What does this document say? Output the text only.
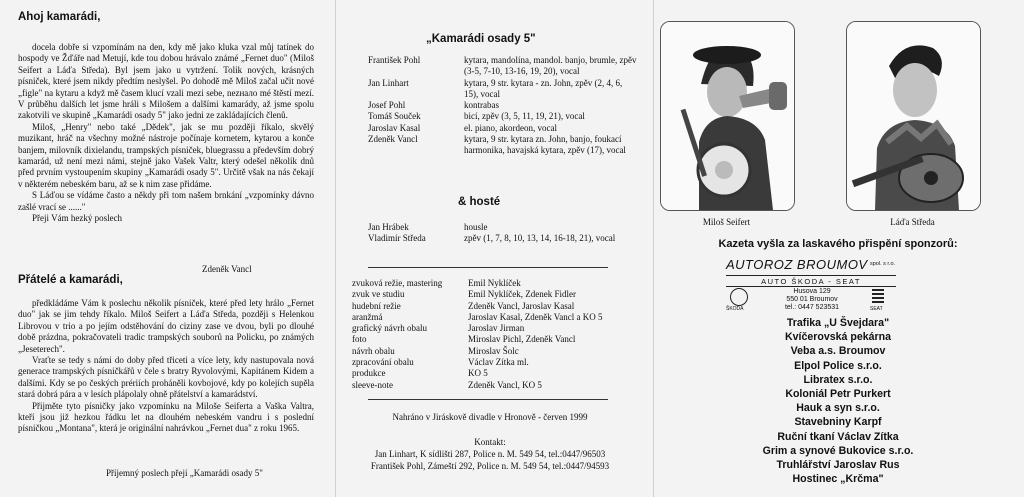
Ahoj kamarádi,

docela dobře si vzpomínám na den, kdy mě jako kluka vzal můj tatínek do hospody ve Žďáře nad Metují, kde tou dobou hrávalo známé „Fernet duo" (Miloš Seifert a Láďa Středa). Byl jsem jako u vytržení. Tolik nových, krásných písniček, které jsem nikdy předtím neslyšel. Po dohodě mě Miloš začal učit nové „figle" na kytaru a když mě časem klucí vzali mezi sebe, nezналo mé štěstí mezí. V průběhu dalších let jsme hráli s Milošem a dalšími kamarády, až jsme spolu zakotvili ve skupině „Kamarádi osady 5" jako jedni ze zakládajících členů.

Miloš, „Henry" nebo také „Dědek", jak se mu později říkalo, skvělý muzikant, hráč na všechny možné nástroje počínaje kornetem, kytarou a konče banjem, milovník dixielandu, trampských písniček, bluegrassu a především dobrý kamarád, už není mezi námi, stejně jako Vašek Valtr, který odešel několik dnů před prvním vystoupením skupiny „Kamarádi osady 5". Určitě však na nás čekají v některém nebeském baru, až se k nim zase přidáme.

S Láďou se vídáme často a někdy při tom našem brnkání „vzpomínky dávno zašlé vrací se ......"

Přeji Vám hezký poslech

Zdeněk Vancl
Přátelé a kamarádi,

předkládáme Vám k poslechu několik písniček, které před lety hrálo „Fernet duo" jak se jim tehdy říkalo. Miloš Seifert a Láďa Středa, později s Helenkou Librovou v trio a po jejím odstěhování do ciziny zase ve dvou, byli po dlouhé době prázdna, pokračovateli tradic trampských souborů na Policku, po známých „Jeseterech".

Vraťte se tedy s námi do doby před třiceti a více lety, kdy nastupovala nová generace trampských písničkářů v čele s bratry Ryvolovými, Kapitánem Kidem a dalšími. Kdy se po českých prériích proháněli kovbojové, kdy po kolejích supěla stará dobrá pára a v lesích plápolaly ohně přátelství a kamarádství.

Přijměte tyto písničky jako vzpomínku na Miloše Seiferta a Vaška Valtra, kteří jsou již hezkou řádku let na dlouhém nebeském vandru i s poslední písničkou „Montana", která je originální nahrávkou „Fernet dua" z roku 1965.

Příjemný poslech přejí „Kamarádi osady 5"
„Kamarádi osady 5"
František Pohl	kytara, mandolína, mandol. banjo, brumle, zpěv (3-5, 7-10, 13-16, 19, 20), vocal
Jan Linhart	kytara, 9 str. kytara - zn. John, zpěv (2, 4, 6, 15), vocal
Josef Pohl	kontrabas
Tomáš Souček	bicí, zpěv (3, 5, 11, 19, 21), vocal
Jaroslav Kasal	el. piano, akordeon, vocal
Zdeněk Vancl	kytara, 9 str. kytara zn. John, banjo, foukací harmonika, havajská kytara, zpěv (17), vocal
& hosté
Jan Hrábek	housle
Vladimír Středa	zpěv (1, 7, 8, 10, 13, 14, 16-18, 21), vocal
zvuková režie, mastering	Emil Nyklíček
zvuk ve studiu	Emil Nyklíček, Zdenek Fidler
hudební režie	Zdeněk Vancl, Jaroslav Kasal
aranžmá	Jaroslav Kasal, Zdeněk Vancl a KO 5
grafický návrh obalu	Jaroslav Jirman
foto	Miroslav Pichl, Zdeněk Vancl
návrh obalu	Miroslav Šolc
zpracování obalu	Václav Zítka ml.
produkce	KO 5
sleeve-note	Zdeněk Vancl, KO 5
Nahráno v Jiráskově divadle v Hronově - červen 1999
Kontakt:
Jan Linhart, K sídlišti 287, Police n. M. 549 54, tel.:0447/96503
František Pohl, Zámeští 292, Police n. M. 549 54, tel.:0447/94593
Miloš Seifert	Láďa Středa
Kazeta vyšla za laskavého přispění sponzorů:
AUTOROZ BROUMOV spol. s r.o.
AUTO ŠKODA - SEAT
ŠKODA
Husova 129
550 01 Broumov
tel.: 0447 523531	SEAT
Trafika „U Švejdara"
Kvíčerovská pekárna
Veba a.s. Broumov
Elpol Police s.r.o.
Libratex s.r.o.
Koloniál Petr Purkert
Hauk a syn s.r.o.
Stavebniny Karpf
Ruční tkaní Václav Zítka
Grim a synové Bukovice s.r.o.
Truhlářství Jaroslav Rus
Hostinec „Krčma"
